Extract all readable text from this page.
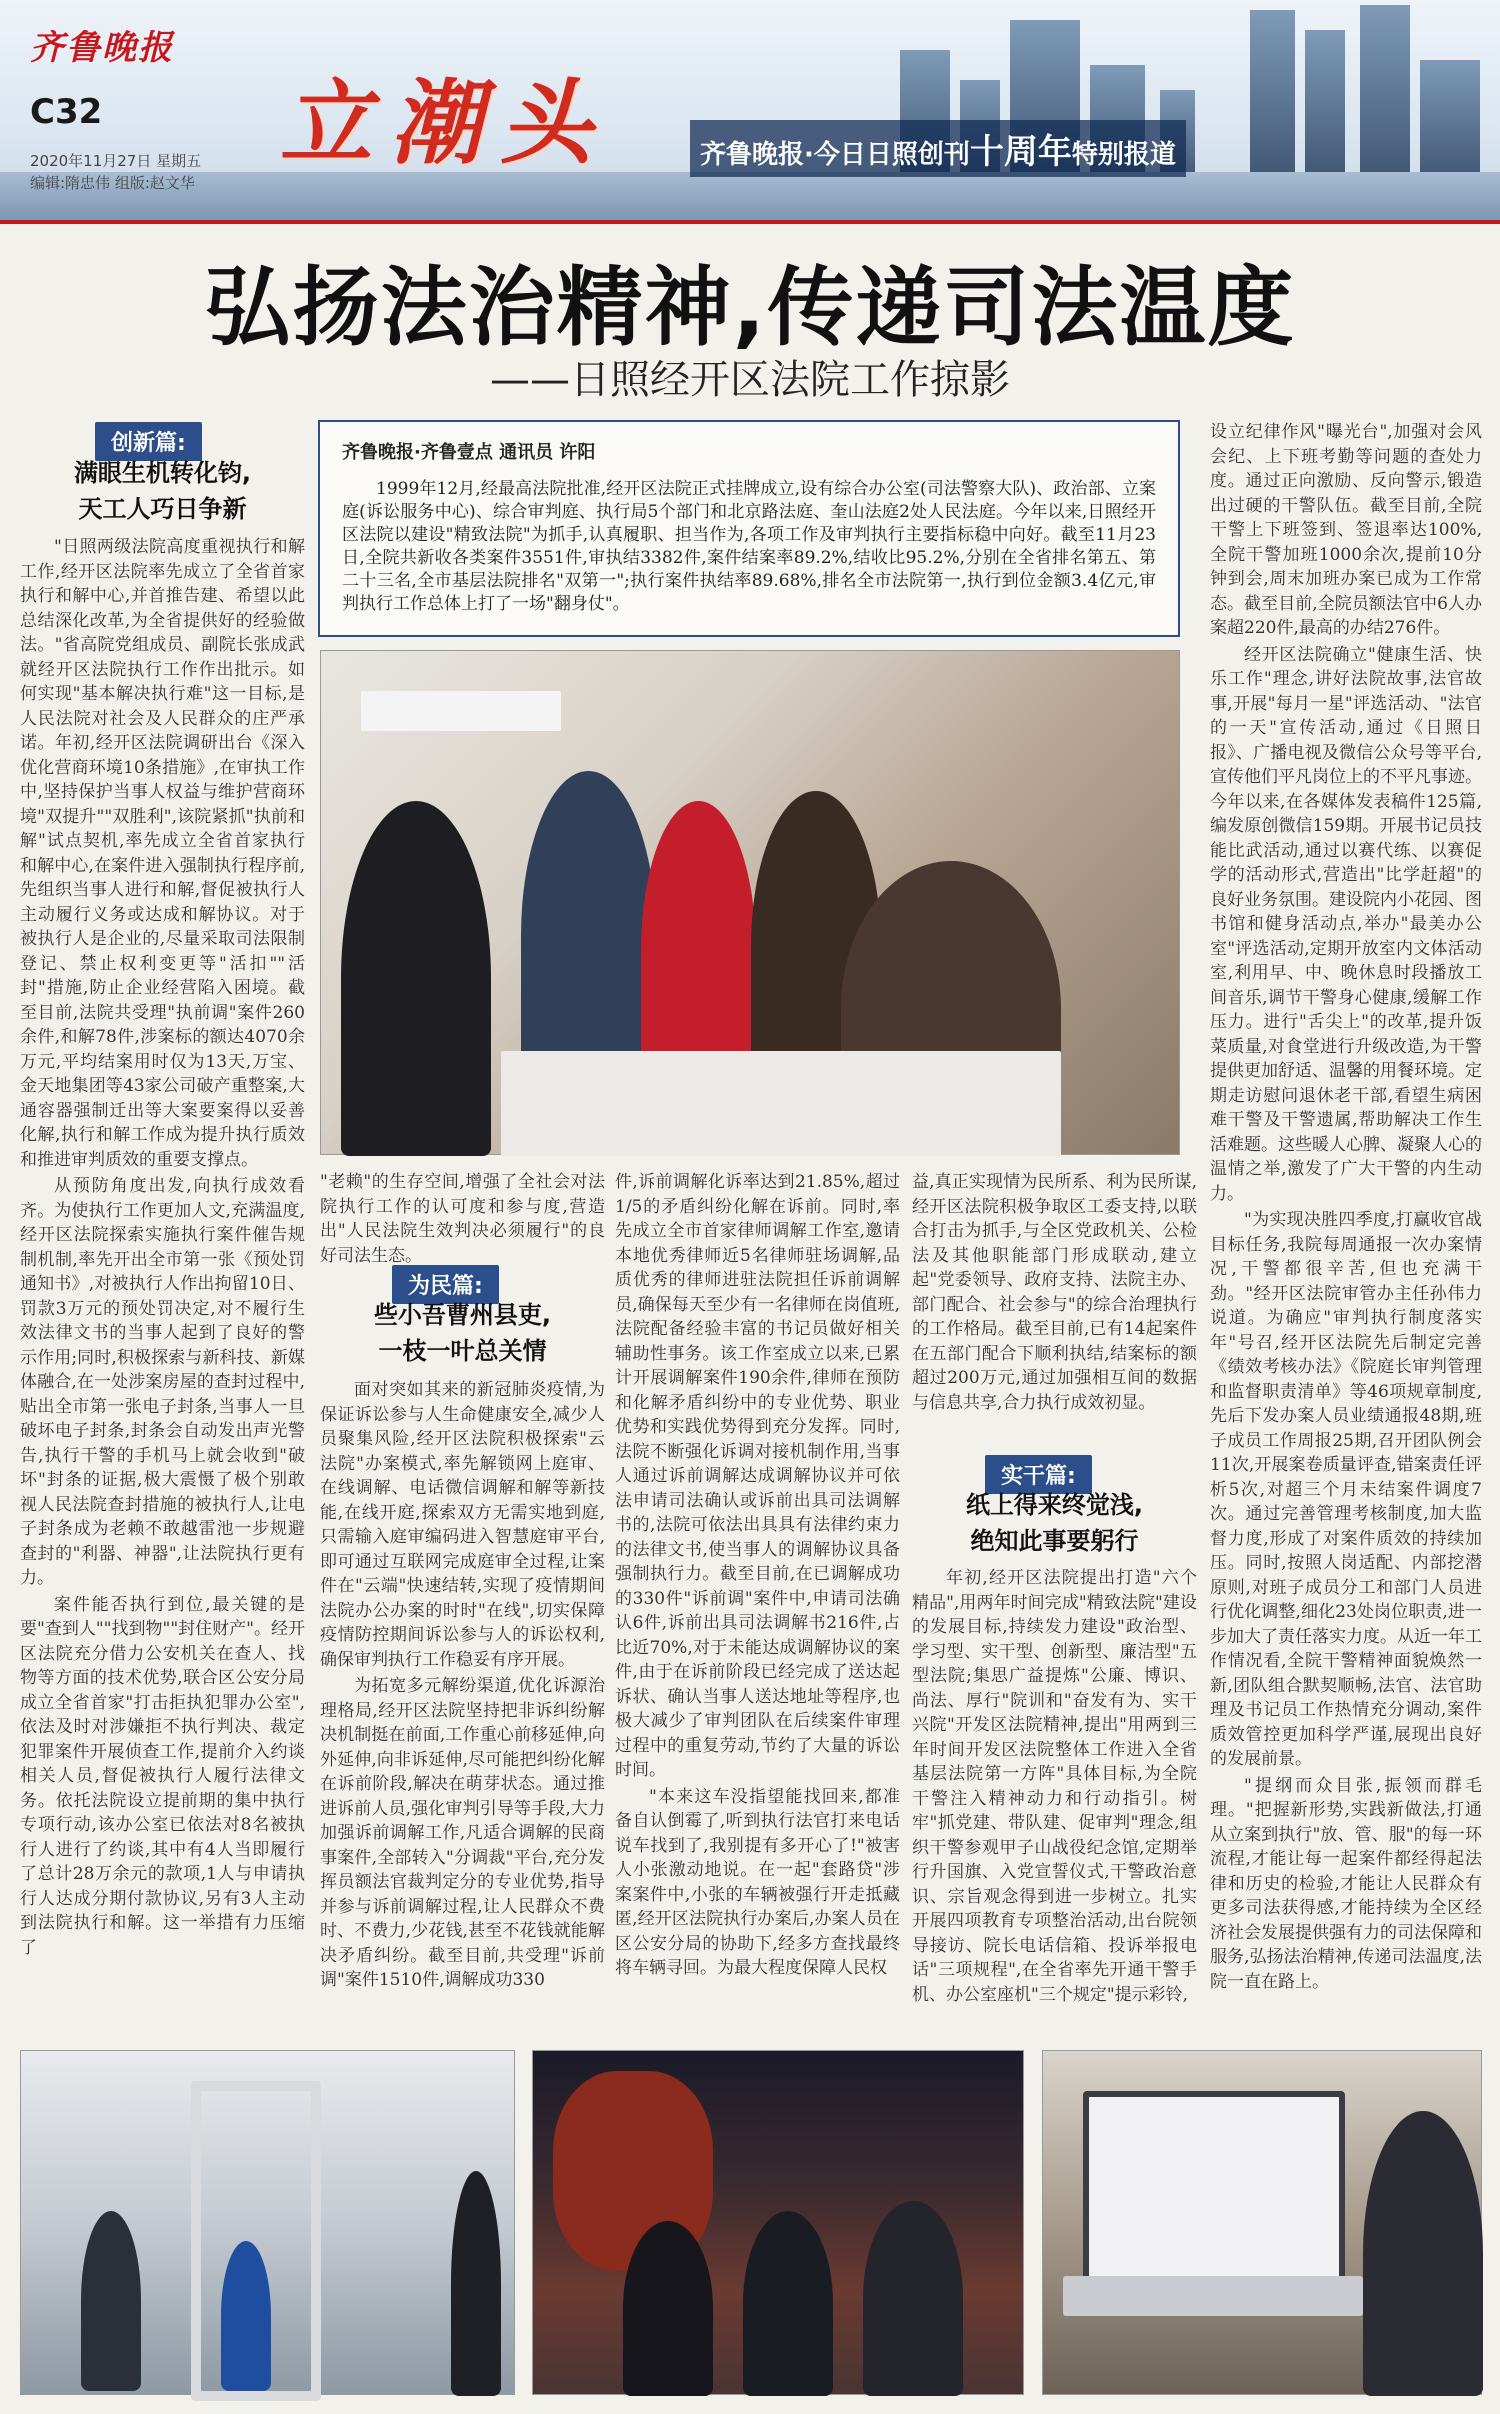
齐鲁晚报
C32
2020年11月27日 星期五
编辑:隋忠伟 组版:赵文华
立潮头	齐鲁晚报·今日日照创刊十周年特别报道
弘扬法治精神,传递司法温度
——日照经开区法院工作掠影
创新篇:
满眼生机转化钧,
天工人巧日争新

"日照两级法院高度重视执行和解工作,经开区法院率先成立了全省首家执行和解中心,并首推告建、希望以此总结深化改革,为全省提供好的经验做法。"省高院党组成员、副院长张成武就经开区法院执行工作作出批示。如何实现"基本解决执行难"这一目标,是人民法院对社会及人民群众的庄严承诺。年初,经开区法院调研出台《深入优化营商环境10条措施》,在审执工作中,坚持保护当事人权益与维护营商环境"双提升""双胜利",该院紧抓"执前和解"试点契机,率先成立全省首家执行和解中心,在案件进入强制执行程序前,先组织当事人进行和解,督促被执行人主动履行义务或达成和解协议。对于被执行人是企业的,尽量采取司法限制登记、禁止权利变更等"活扣""活封"措施,防止企业经营陷入困境。截至目前,法院共受理"执前调"案件260余件,和解78件,涉案标的额达4070余万元,平均结案用时仅为13天,万宝、金天地集团等43家公司破产重整案,大通容器强制迁出等大案要案得以妥善化解,执行和解工作成为提升执行质效和推进审判质效的重要支撑点。

从预防角度出发,向执行成效看齐。为使执行工作更加人文,充满温度,经开区法院探索实施执行案件催告规制机制,率先开出全市第一张《预处罚通知书》,对被执行人作出拘留10日、罚款3万元的预处罚决定,对不履行生效法律文书的当事人起到了良好的警示作用;同时,积极探索与新科技、新媒体融合,在一处涉案房屋的查封过程中,贴出全市第一张电子封条,当事人一旦破坏电子封条,封条会自动发出声光警告,执行干警的手机马上就会收到"破坏"封条的证据,极大震慑了极个别敢视人民法院查封措施的被执行人,让电子封条成为老赖不敢越雷池一步规避查封的"利器、神器",让法院执行更有力。

案件能否执行到位,最关键的是要"查到人""找到物""封住财产"。经开区法院充分借力公安机关在查人、找物等方面的技术优势,联合区公安分局成立全省首家"打击拒执犯罪办公室",依法及时对涉嫌拒不执行判决、裁定犯罪案件开展侦查工作,提前介入约谈相关人员,督促被执行人履行法律文务。依托法院设立提前期的集中执行专项行动,该办公室已依法对8名被执行人进行了约谈,其中有4人当即履行了总计28万余元的款项,1人与申请执行人达成分期付款协议,另有3人主动到法院执行和解。这一举措有力压缩了

齐鲁晚报·齐鲁壹点 通讯员 许阳
1999年12月,经最高法院批准,经开区法院正式挂牌成立,设有综合办公室(司法警察大队)、政治部、立案庭(诉讼服务中心)、综合审判庭、执行局5个部门和北京路法庭、奎山法庭2处人民法庭。今年以来,日照经开区法院以建设"精致法院"为抓手,认真履职、担当作为,各项工作及审判执行主要指标稳中向好。截至11月23日,全院共新收各类案件3551件,审执结3382件,案件结案率89.2%,结收比95.2%,分别在全省排名第五、第二十三名,全市基层法院排名"双第一";执行案件执结率89.68%,排名全市法院第一,执行到位金额3.4亿元,审判执行工作总体上打了一场"翻身仗"。

"老赖"的生存空间,增强了全社会对法院执行工作的认可度和参与度,营造出"人民法院生效判决必须履行"的良好司法生态。

为民篇:
些小吾曹州县吏,
一枝一叶总关情

面对突如其来的新冠肺炎疫情,为保证诉讼参与人生命健康安全,减少人员聚集风险,经开区法院积极探索"云法院"办案模式,率先解锁网上庭审、在线调解、电话微信调解和解等新技能,在线开庭,探索双方无需实地到庭,只需输入庭审编码进入智慧庭审平台,即可通过互联网完成庭审全过程,让案件在"云端"快速结转,实现了疫情期间法院办公办案的时时"在线",切实保障疫情防控期间诉讼参与人的诉讼权利,确保审判执行工作稳妥有序开展。

为拓宽多元解纷渠道,优化诉源治理格局,经开区法院坚持把非诉纠纷解决机制挺在前面,工作重心前移延伸,向外延伸,向非诉延伸,尽可能把纠纷化解在诉前阶段,解决在萌芽状态。通过推进诉前人员,强化审判引导等手段,大力加强诉前调解工作,凡适合调解的民商事案件,全部转入"分调裁"平台,充分发挥员额法官裁判定分的专业优势,指导并参与诉前调解过程,让人民群众不费时、不费力,少花钱,甚至不花钱就能解决矛盾纠纷。截至目前,共受理"诉前调"案件1510件,调解成功330

件,诉前调解化诉率达到21.85%,超过1/5的矛盾纠纷化解在诉前。同时,率先成立全市首家律师调解工作室,邀请本地优秀律师近5名律师驻场调解,品质优秀的律师进驻法院担任诉前调解员,确保每天至少有一名律师在岗值班,法院配备经验丰富的书记员做好相关辅助性事务。该工作室成立以来,已累计开展调解案件190余件,律师在预防和化解矛盾纠纷中的专业优势、职业优势和实践优势得到充分发挥。同时,法院不断强化诉调对接机制作用,当事人通过诉前调解达成调解协议并可依法申请司法确认或诉前出具司法调解书的,法院可依法出具具有法律约束力的法律文书,使当事人的调解协议具备强制执行力。截至目前,在已调解成功的330件"诉前调"案件中,申请司法确认6件,诉前出具司法调解书216件,占比近70%,对于未能达成调解协议的案件,由于在诉前阶段已经完成了送达起诉状、确认当事人送达地址等程序,也极大减少了审判团队在后续案件审理过程中的重复劳动,节约了大量的诉讼时间。

"本来这车没指望能找回来,都准备自认倒霉了,听到执行法官打来电话说车找到了,我别提有多开心了!"被害人小张激动地说。在一起"套路贷"涉案案件中,小张的车辆被强行开走抵藏匿,经开区法院执行办案后,办案人员在区公安分局的协助下,经多方查找最终将车辆寻回。为最大程度保障人民权

益,真正实现情为民所系、利为民所谋,经开区法院积极争取区工委支持,以联合打击为抓手,与全区党政机关、公检法及其他职能部门形成联动,建立起"党委领导、政府支持、法院主办、部门配合、社会参与"的综合治理执行的工作格局。截至目前,已有14起案件在五部门配合下顺利执结,结案标的额超过200万元,通过加强相互间的数据与信息共享,合力执行成效初显。

实干篇:
纸上得来终觉浅,
绝知此事要躬行

年初,经开区法院提出打造"六个精品",用两年时间完成"精致法院"建设的发展目标,持续发力建设"政治型、学习型、实干型、创新型、廉洁型"五型法院;集思广益提炼"公廉、博识、尚法、厚行"院训和"奋发有为、实干兴院"开发区法院精神,提出"用两到三年时间开发区法院整体工作进入全省基层法院第一方阵"具体目标,为全院干警注入精神动力和行动指引。树牢"抓党建、带队建、促审判"理念,组织干警参观甲子山战役纪念馆,定期举行升国旗、入党宣誓仪式,干警政治意识、宗旨观念得到进一步树立。扎实开展四项教育专项整治活动,出台院领导接访、院长电话信箱、投诉举报电话"三项规程",在全省率先开通干警手机、办公室座机"三个规定"提示彩铃,

设立纪律作风"曝光台",加强对会风会纪、上下班考勤等问题的查处力度。通过正向激励、反向警示,锻造出过硬的干警队伍。截至目前,全院干警上下班签到、签退率达100%,全院干警加班1000余次,提前10分钟到会,周末加班办案已成为工作常态。截至目前,全院员额法官中6人办案超220件,最高的办结276件。

经开区法院确立"健康生活、快乐工作"理念,讲好法院故事,法官故事,开展"每月一星"评选活动、"法官的一天"宣传活动,通过《日照日报》、广播电视及微信公众号等平台,宣传他们平凡岗位上的不平凡事迹。今年以来,在各媒体发表稿件125篇,编发原创微信159期。开展书记员技能比武活动,通过以赛代练、以赛促学的活动形式,营造出"比学赶超"的良好业务氛围。建设院内小花园、图书馆和健身活动点,举办"最美办公室"评选活动,定期开放室内文体活动室,利用早、中、晚休息时段播放工间音乐,调节干警身心健康,缓解工作压力。进行"舌尖上"的改革,提升饭菜质量,对食堂进行升级改造,为干警提供更加舒适、温馨的用餐环境。定期走访慰问退休老干部,看望生病困难干警及干警遗属,帮助解决工作生活难题。这些暖人心脾、凝聚人心的温情之举,激发了广大干警的内生动力。

"为实现决胜四季度,打赢收官战目标任务,我院每周通报一次办案情况,干警都很辛苦,但也充满干劲。"经开区法院审管办主任孙伟力说道。为确应"审判执行制度落实年"号召,经开区法院先后制定完善《绩效考核办法》《院庭长审判管理和监督职责清单》等46项规章制度,先后下发办案人员业绩通报48期,班子成员工作周报25期,召开团队例会11次,开展案卷质量评查,错案责任评析5次,对超三个月未结案件调度7次。通过完善管理考核制度,加大监督力度,形成了对案件质效的持续加压。同时,按照人岗适配、内部挖潜原则,对班子成员分工和部门人员进行优化调整,细化23处岗位职责,进一步加大了责任落实力度。从近一年工作情况看,全院干警精神面貌焕然一新,团队组合默契顺畅,法官、法官助理及书记员工作热情充分调动,案件质效管控更加科学严谨,展现出良好的发展前景。

"提纲而众目张,振领而群毛理。"把握新形势,实践新做法,打通从立案到执行"放、管、服"的每一环流程,才能让每一起案件都经得起法律和历史的检验,才能让人民群众有更多司法获得感,才能持续为全区经济社会发展提供强有力的司法保障和服务,弘扬法治精神,传递司法温度,法院一直在路上。
